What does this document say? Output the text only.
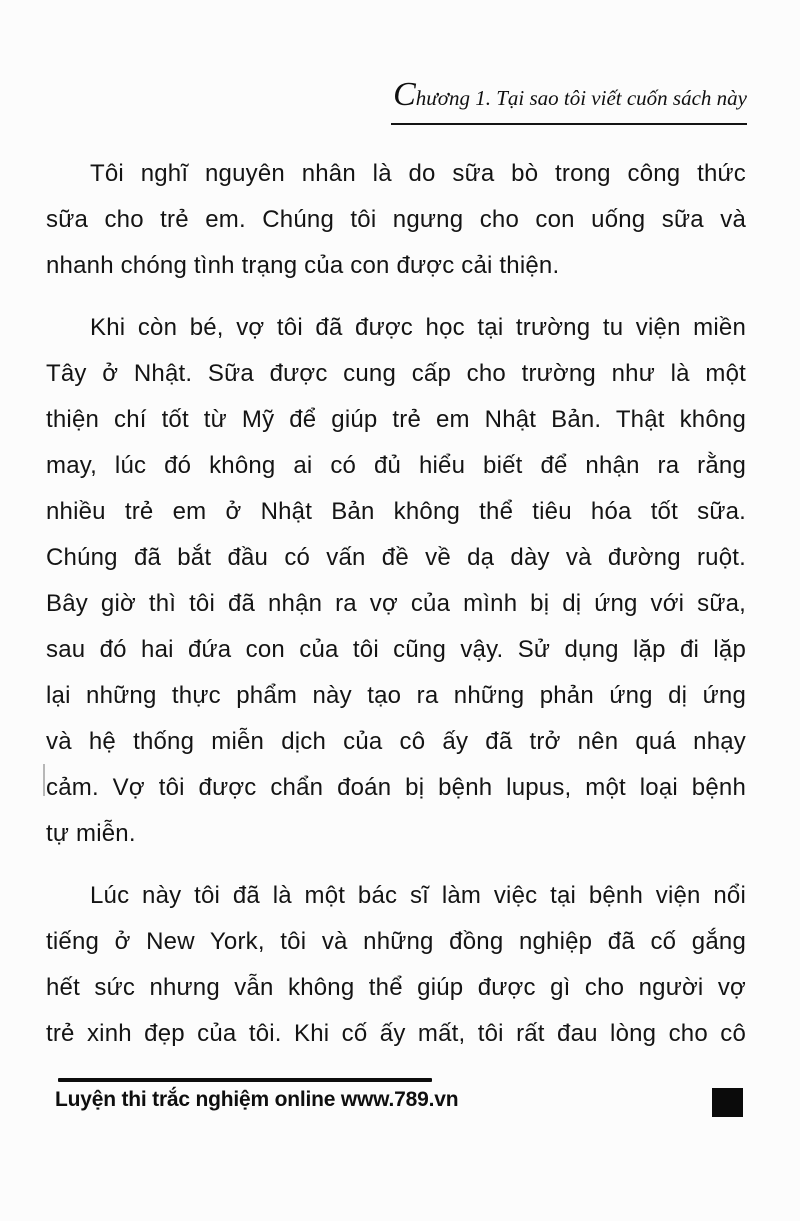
Chương 1. Tại sao tôi viết cuốn sách này
Tôi nghĩ nguyên nhân là do sữa bò trong công thức
sữa cho trẻ em. Chúng tôi ngưng cho con uống sữa và
nhanh chóng tình trạng của con được cải thiện.
Khi còn bé, vợ tôi đã được học tại trường tu viện miền
Tây ở Nhật. Sữa được cung cấp cho trường như là một
thiện chí tốt từ Mỹ để giúp trẻ em Nhật Bản. Thật không
may, lúc đó không ai có đủ hiểu biết để nhận ra rằng
nhiều trẻ em ở Nhật Bản không thể tiêu hóa tốt sữa.
Chúng đã bắt đầu có vấn đề về dạ dày và đường ruột.
Bây giờ thì tôi đã nhận ra vợ của mình bị dị ứng với sữa,
sau đó hai đứa con của tôi cũng vậy. Sử dụng lặp đi lặp
lại những thực phẩm này tạo ra những phản ứng dị ứng
và hệ thống miễn dịch của cô ấy đã trở nên quá nhạy
cảm. Vợ tôi được chẩn đoán bị bệnh lupus, một loại bệnh
tự miễn.
Lúc này tôi đã là một bác sĩ làm việc tại bệnh viện nổi
tiếng ở New York, tôi và những đồng nghiệp đã cố gắng
hết sức nhưng vẫn không thể giúp được gì cho người vợ
trẻ xinh đẹp của tôi. Khi cố ấy mất, tôi rất đau lòng cho cô
Luyện thi trắc nghiệm online www.789.vn
